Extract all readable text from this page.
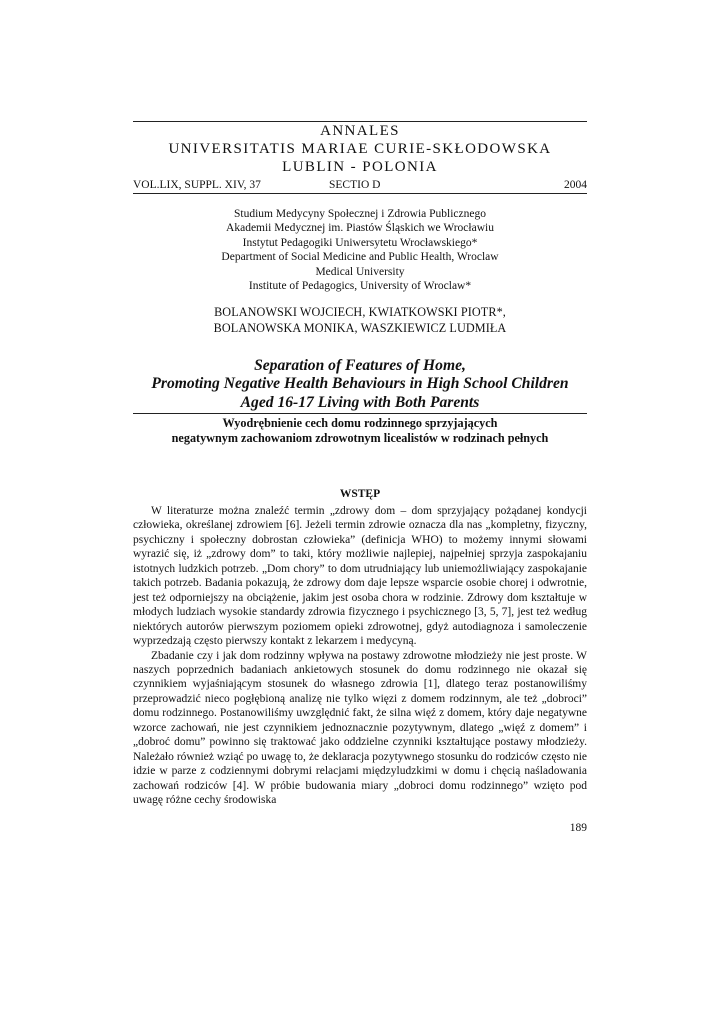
ANNALES
UNIVERSITATIS MARIAE CURIE-SKŁODOWSKA
LUBLIN - POLONIA
VOL.LIX, SUPPL. XIV, 37	SECTIO D	2004
Studium Medycyny Społecznej i Zdrowia Publicznego
Akademii Medycznej im. Piastów Śląskich we Wrocławiu
Instytut Pedagogiki Uniwersytetu Wrocławskiego*
Department of Social Medicine and Public Health, Wroclaw
Medical University
Institute of Pedagogics, University of Wroclaw*
BOLANOWSKI WOJCIECH, KWIATKOWSKI PIOTR*,
BOLANOWSKA MONIKA, WASZKIEWICZ LUDMIŁA
Separation of Features of Home,
Promoting Negative Health Behaviours in High School Children
Aged 16-17 Living with Both Parents
Wyodrębnienie cech domu rodzinnego sprzyjających
negatywnym zachowaniom zdrowotnym licealistów w rodzinach pełnych
WSTĘP

W literaturze można znaleźć termin „zdrowy dom – dom sprzyjający pożądanej kondycji człowieka, określanej zdrowiem [6]. Jeżeli termin zdrowie oznacza dla nas „kompletny, fizyczny, psychiczny i społeczny dobrostan człowieka” (definicja WHO) to możemy innymi słowami wyrazić się, iż „zdrowy dom” to taki, który możliwie najlepiej, najpełniej sprzyja zaspokajaniu istotnych ludzkich potrzeb. „Dom chory” to dom utrudniający lub uniemożliwiający zaspokajanie takich potrzeb. Badania pokazują, że zdrowy dom daje lepsze wsparcie osobie chorej i odwrotnie, jest też odporniejszy na obciążenie, jakim jest osoba chora w rodzinie. Zdrowy dom kształtuje w młodych ludziach wysokie standardy zdrowia fizycznego i psychicznego [3, 5, 7], jest też według niektórych autorów pierwszym poziomem opieki zdrowotnej, gdyż autodiagnoza i samoleczenie wyprzedzają często pierwszy kontakt z lekarzem i medycyną.

Zbadanie czy i jak dom rodzinny wpływa na postawy zdrowotne młodzieży nie jest proste. W naszych poprzednich badaniach ankietowych stosunek do domu rodzinnego nie okazał się czynnikiem wyjaśniającym stosunek do własnego zdrowia [1], dlatego teraz postanowiliśmy przeprowadzić nieco pogłębioną analizę nie tylko więzi z domem rodzinnym, ale też „dobroci” domu rodzinnego. Postanowiliśmy uwzględnić fakt, że silna więź z domem, który daje negatywne wzorce zachowań, nie jest czynnikiem jednoznacznie pozytywnym, dlatego „więź z domem” i „dobroć domu” powinno się traktować jako oddzielne czynniki kształtujące postawy młodzieży. Należało również wziąć po uwagę to, że deklaracja pozytywnego stosunku do rodziców często nie idzie w parze z codziennymi dobrymi relacjami międzyludzkimi w domu i chęcią naśladowania zachowań rodziców [4]. W próbie budowania miary „dobroci domu rodzinnego” wzięto pod uwagę różne cechy środowiska

189
